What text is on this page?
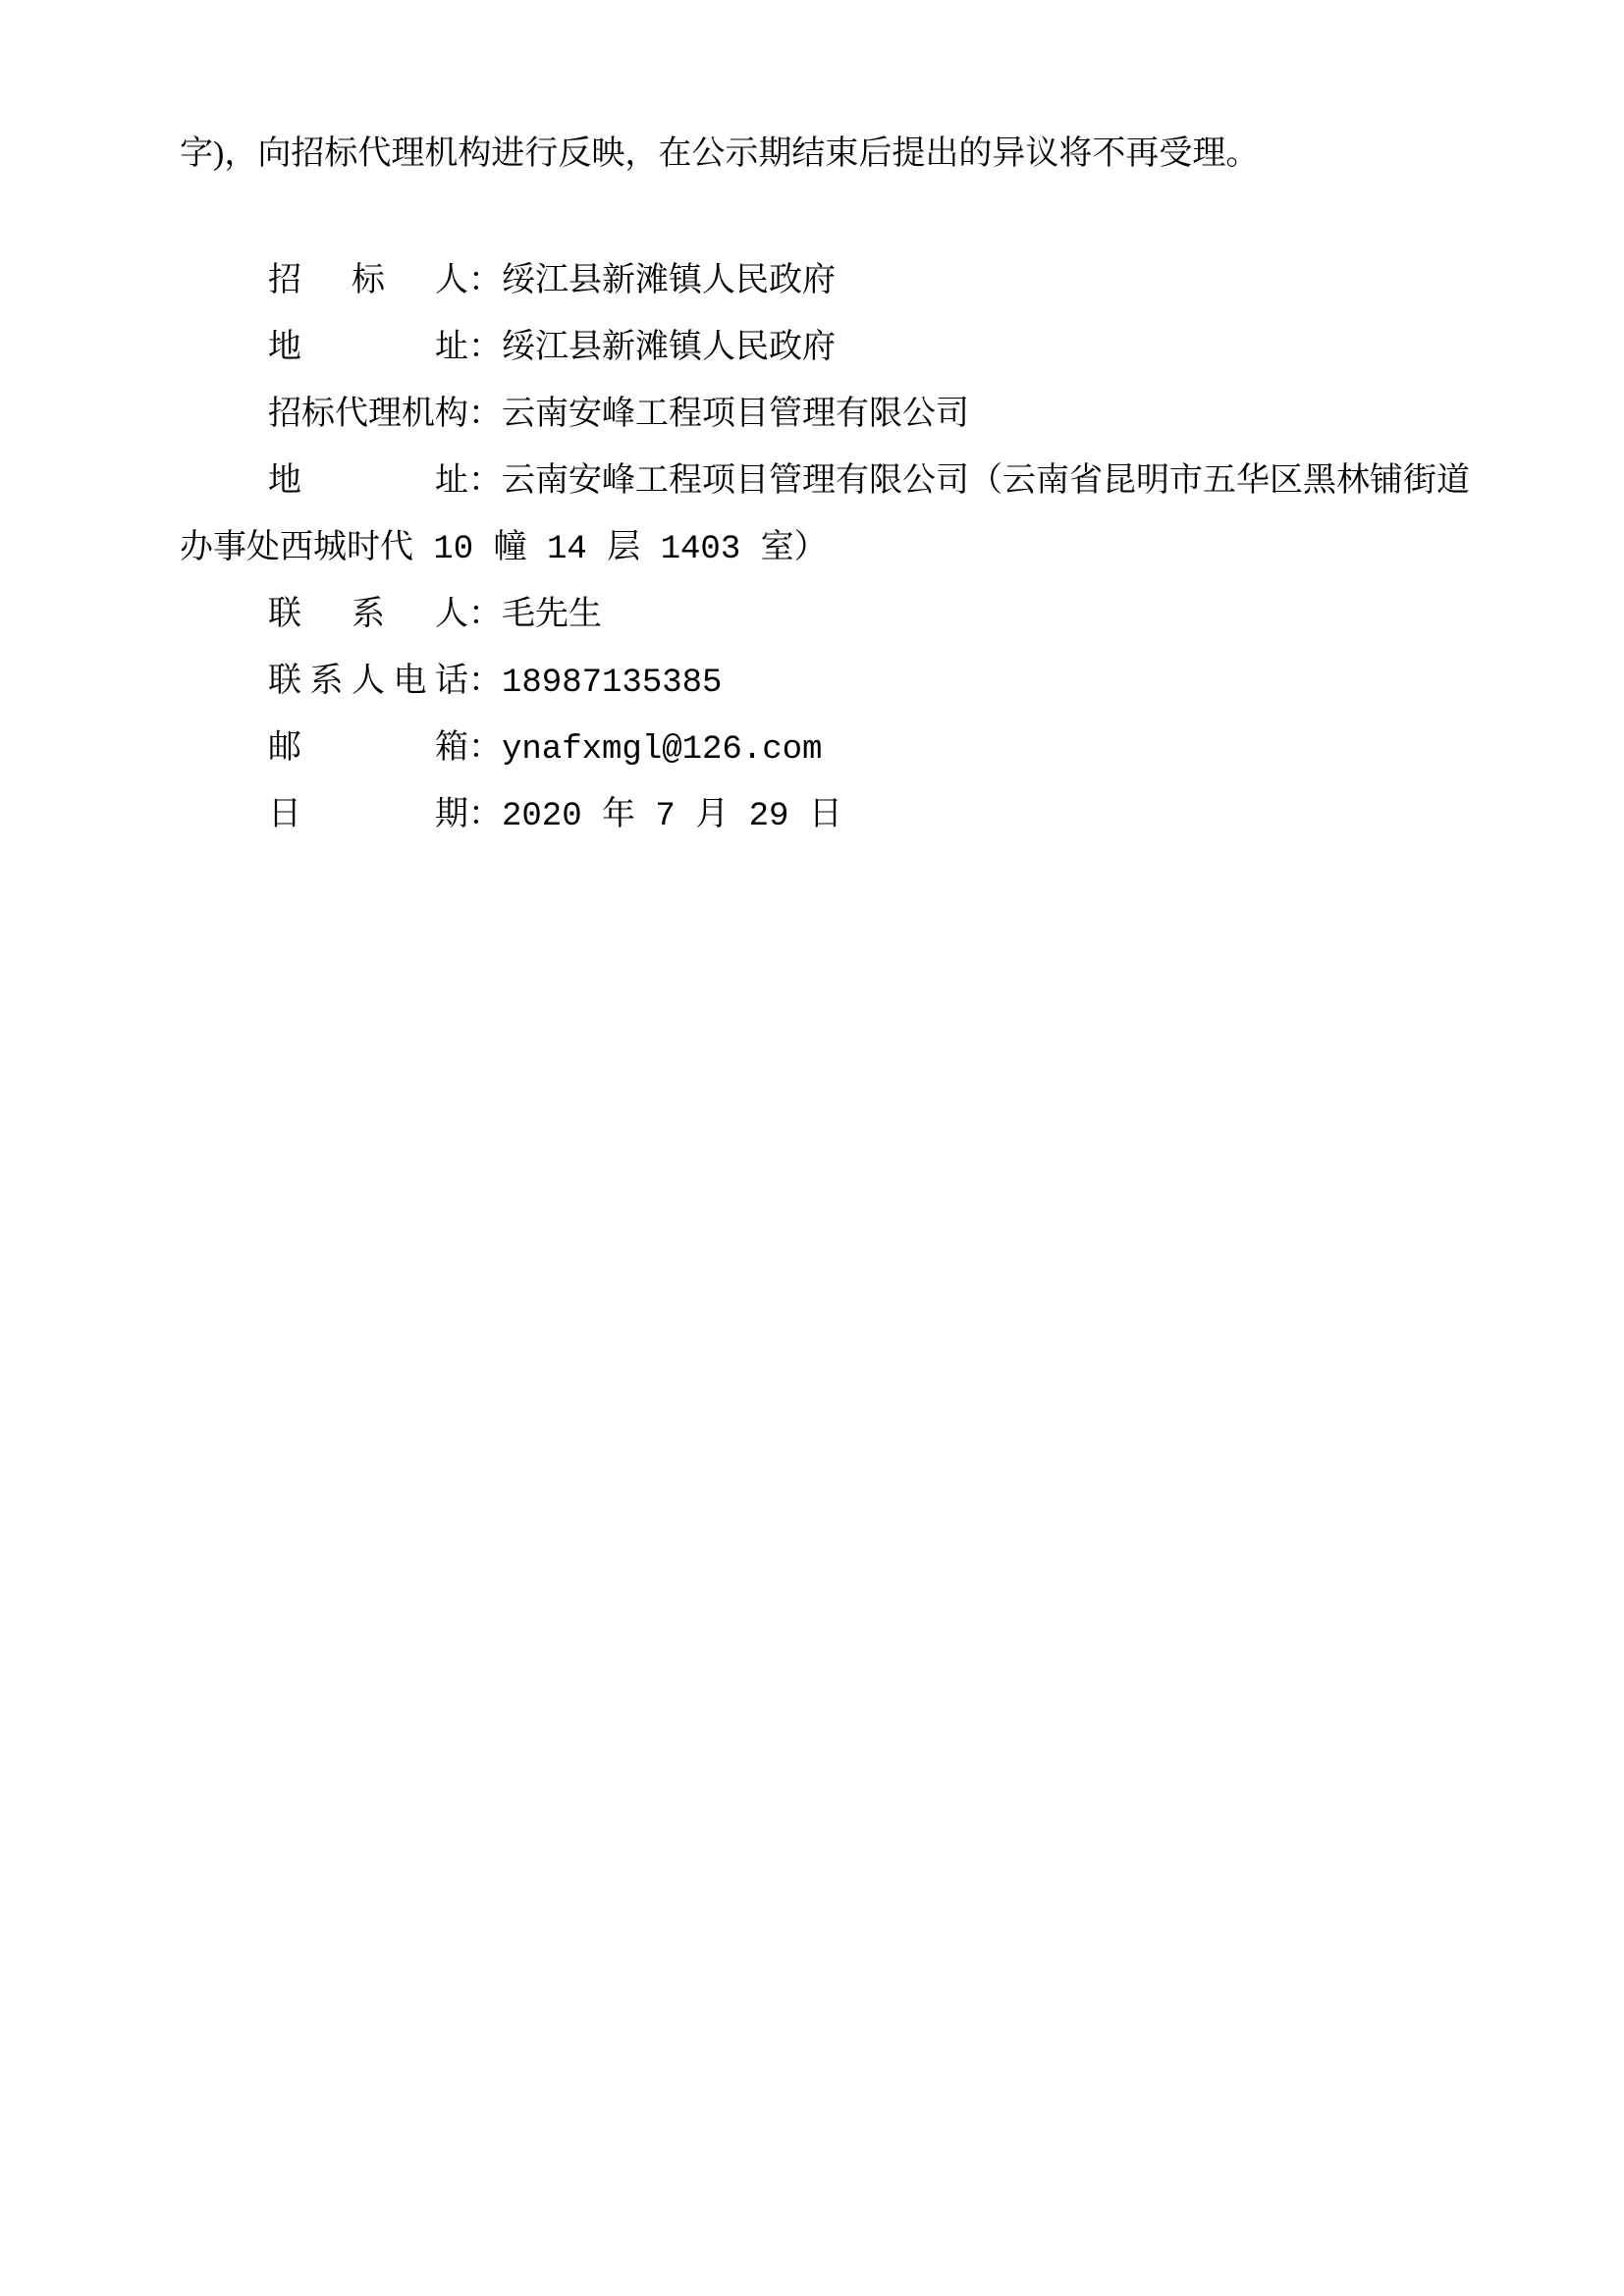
字)，向招标代理机构进行反映，在公示期结束后提出的异议将不再受理。

招标人：绥江县新滩镇人民政府
地址：绥江县新滩镇人民政府
招标代理机构：云南安峰工程项目管理有限公司
地址：云南安峰工程项目管理有限公司（云南省昆明市五华区黑林铺街道办事处西城时代 10 幢 14 层 1403 室）
联系人：毛先生
联系人电话：18987135385
邮箱：ynafxmgl@126.com
日期：2020 年 7 月 29 日
